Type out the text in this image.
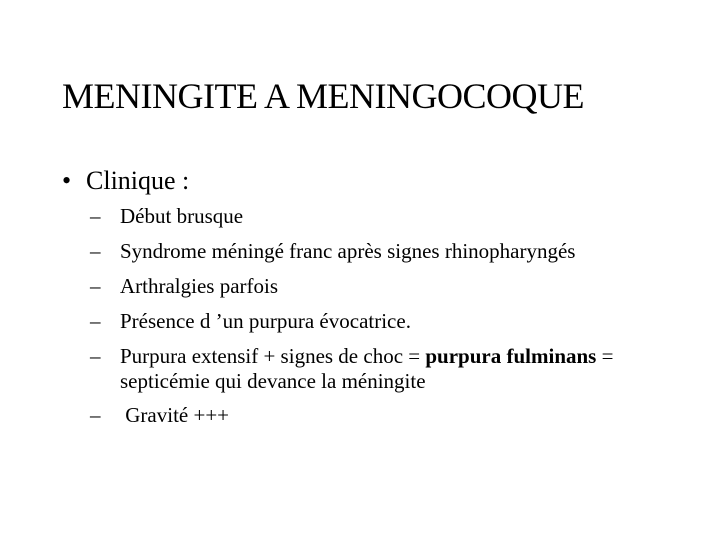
MENINGITE A MENINGOCOQUE
• Clinique :
– Début brusque
– Syndrome méningé franc après signes rhinopharyngés
– Arthralgies parfois
– Présence d ’un purpura évocatrice.
– Purpura extensif + signes de choc = purpura fulminans = septicémie qui devance la méningite
– Gravité +++
